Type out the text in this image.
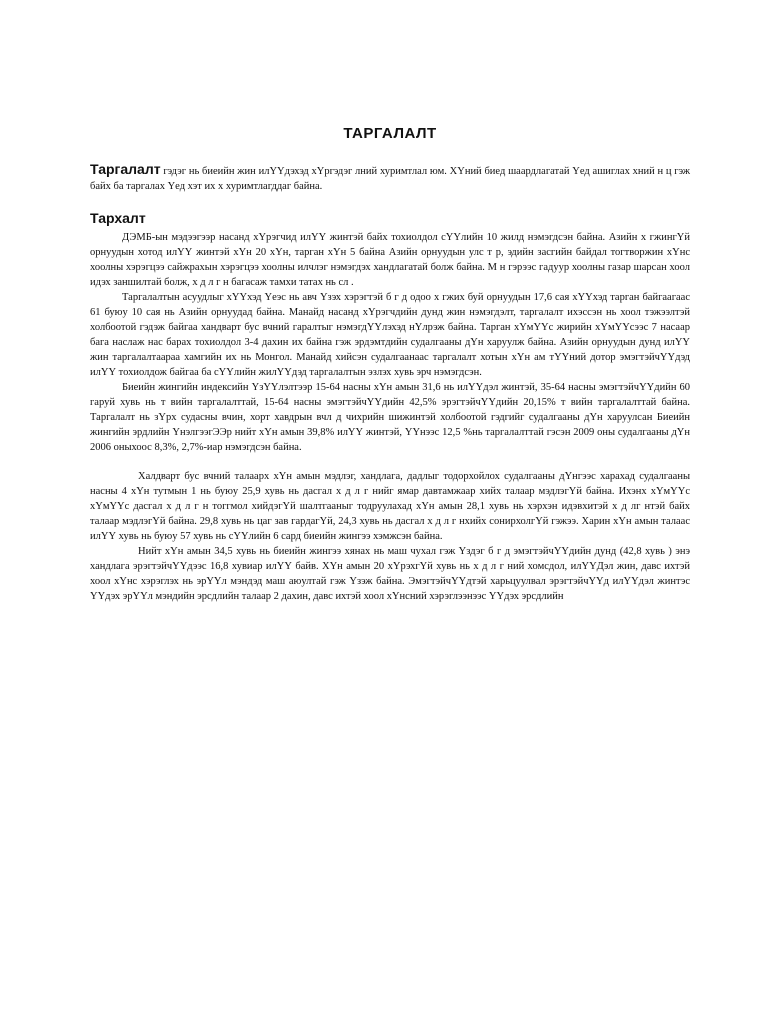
ТАРГАЛАЛТ

Таргалалт гэдэг нь биеийн жин илҮҮдэхэд хҮргэдэг лний хуримтлал юм. ХҮний биед шаардлагатай Үед ашиглах хний н ц гэж байх ба таргалах Үед хэт их х хуримтлагддаг байна.

Тархалт

ДЭМБ-ын мэдээгээр насанд хҮрэгчид илҮҮ жинтэй байх тохиолдол сҮҮлийн 10 жилд нэмэгдсэн байна. Азийн х гжингҮй орнуудын хотод илҮҮ жинтэй хҮн 20 хҮн, тарган хҮн 5 байна Азийн орнуудын улс т р, эдийн засгийн байдал тогтворжин хҮнс хоолны хэрэгцээ сайжрахын хэрэгцээ хоолны илчлэг нэмэгдэх хандлагатай болж байна. М н гэрээс гадуур хоолны газар шарсан хоол идэх заншилтай болж, х д л г н багасаж тамхи татах нь сл .

Таргалалтын асуудлыг хҮҮхэд Үеэс нь авч Үзэх хэрэгтэй б г д одоо х гжих буй орнуудын 17,6 сая хҮҮхэд тарган байгаагаас 61 буюу 10 сая нь Азийн орнуудад байна. Манайд насанд хҮрэгчдийн дунд жин нэмэгдэлт, таргалалт ихэссэн нь хоол тэжээлтэй холбоотой гэдэж байгаа хандварт бус вчний гаралтыг нэмэгдҮҮлэхэд нҮлрэж байна. Тарган хҮмҮҮс жирийн хҮмҮҮсээс 7 насаар бага наслаж нас барах тохиолдол 3-4 дахин их байна гэж эрдэмтдийн судалгааны дҮн харуулж байна. Азийн орнуудын дунд илҮҮ жин таргалалтаараа хамгийн их нь Монгол. Манайд хийсэн судалгаанаас таргалалт хотын хҮн ам тҮҮний дотор эмэгтэйчҮҮдэд илҮҮ тохиолдож байгаа ба сҮҮлийн жилҮҮдэд таргалалтын эзлэх хувь эрч нэмэгдсэн.

Биеийн жингийн индексийн ҮзҮҮлэлтээр 15-64 насны хҮн амын 31,6 нь илҮҮдэл жинтэй, 35-64 насны эмэгтэйчҮҮдийн 60 гаруй хувь нь т вийн таргалалттай, 15-64 насны эмэгтэйчҮҮдийн 42,5% эрэгтэйчҮҮдийн 20,15% т вийн таргалалттай байна. Таргалалт нь зҮрх судасны вчин, хорт хавдрын вчл д чихрийн шижинтэй холбоотой гэдгийг судалгааны дҮн харуулсан Биеийн жингийн эрдлийн ҮнэлгээгЭЭр нийт хҮн амын 39,8% илҮҮ жинтэй, ҮҮнээс 12,5 %нь таргалалттай гэсэн 2009 оны судалгааны дҮн 2006 оныхоос 8,3%, 2,7%-иар нэмэгдсэн байна.

Халдварт бус вчний талаарх хҮн амын мэдлэг, хандлага, дадлыг тодорхойлох судалгааны дҮнгээс харахад судалгааны насны 4 хҮн тутмын 1 нь буюу 25,9 хувь нь дасгал х д л г нийг ямар давтамжаар хийх талаар мэдлэгҮй байна. Ихэнх хҮмҮҮс хҮмҮҮс дасгал х д л г н тоггмол хийдэгҮй шалтгааныг тодруулахад хҮн амын 28,1 хувь нь хэрхэн идэвхитэй х д лг нтэй байх талаар мэдлэгҮй байна. 29,8 хувь нь цаг зав гардагҮй, 24,3 хувь нь дасгал х д л г нхийх сонирхолгҮй гэжээ. Харин хҮн амын талаас илҮҮ хувь нь буюу 57 хувь нь сҮҮлийн 6 сард биеийн жингээ хэмжсэн байна.

Нийт хҮн амын 34,5 хувь нь биеийн жингээ хянах нь маш чухал гэж Үздэг б г д эмэгтэйчҮҮдийн дунд (42,8 хувь ) энэ хандлага эрэгтэйчҮҮдээс 16,8 хувиар илҮҮ байв. ХҮн амын 20 хҮрэхгҮй хувь нь х д л г ний хомсдол, илҮҮДэл жин, давс ихтэй хоол хҮнс хэрэглэх нь эрҮҮл мэндэд маш аюултай гэж Үзэж байна. ЭмэгтэйчҮҮдтэй харьцуулвал эрэгтэйчҮҮд илҮҮдэл жинтэс ҮҮдэх эрҮҮл мэндийн эрсдлийн талаар 2 дахин, давс ихтэй хоол хҮнсний хэрэглээнээс ҮҮдэх эрсдлийн
